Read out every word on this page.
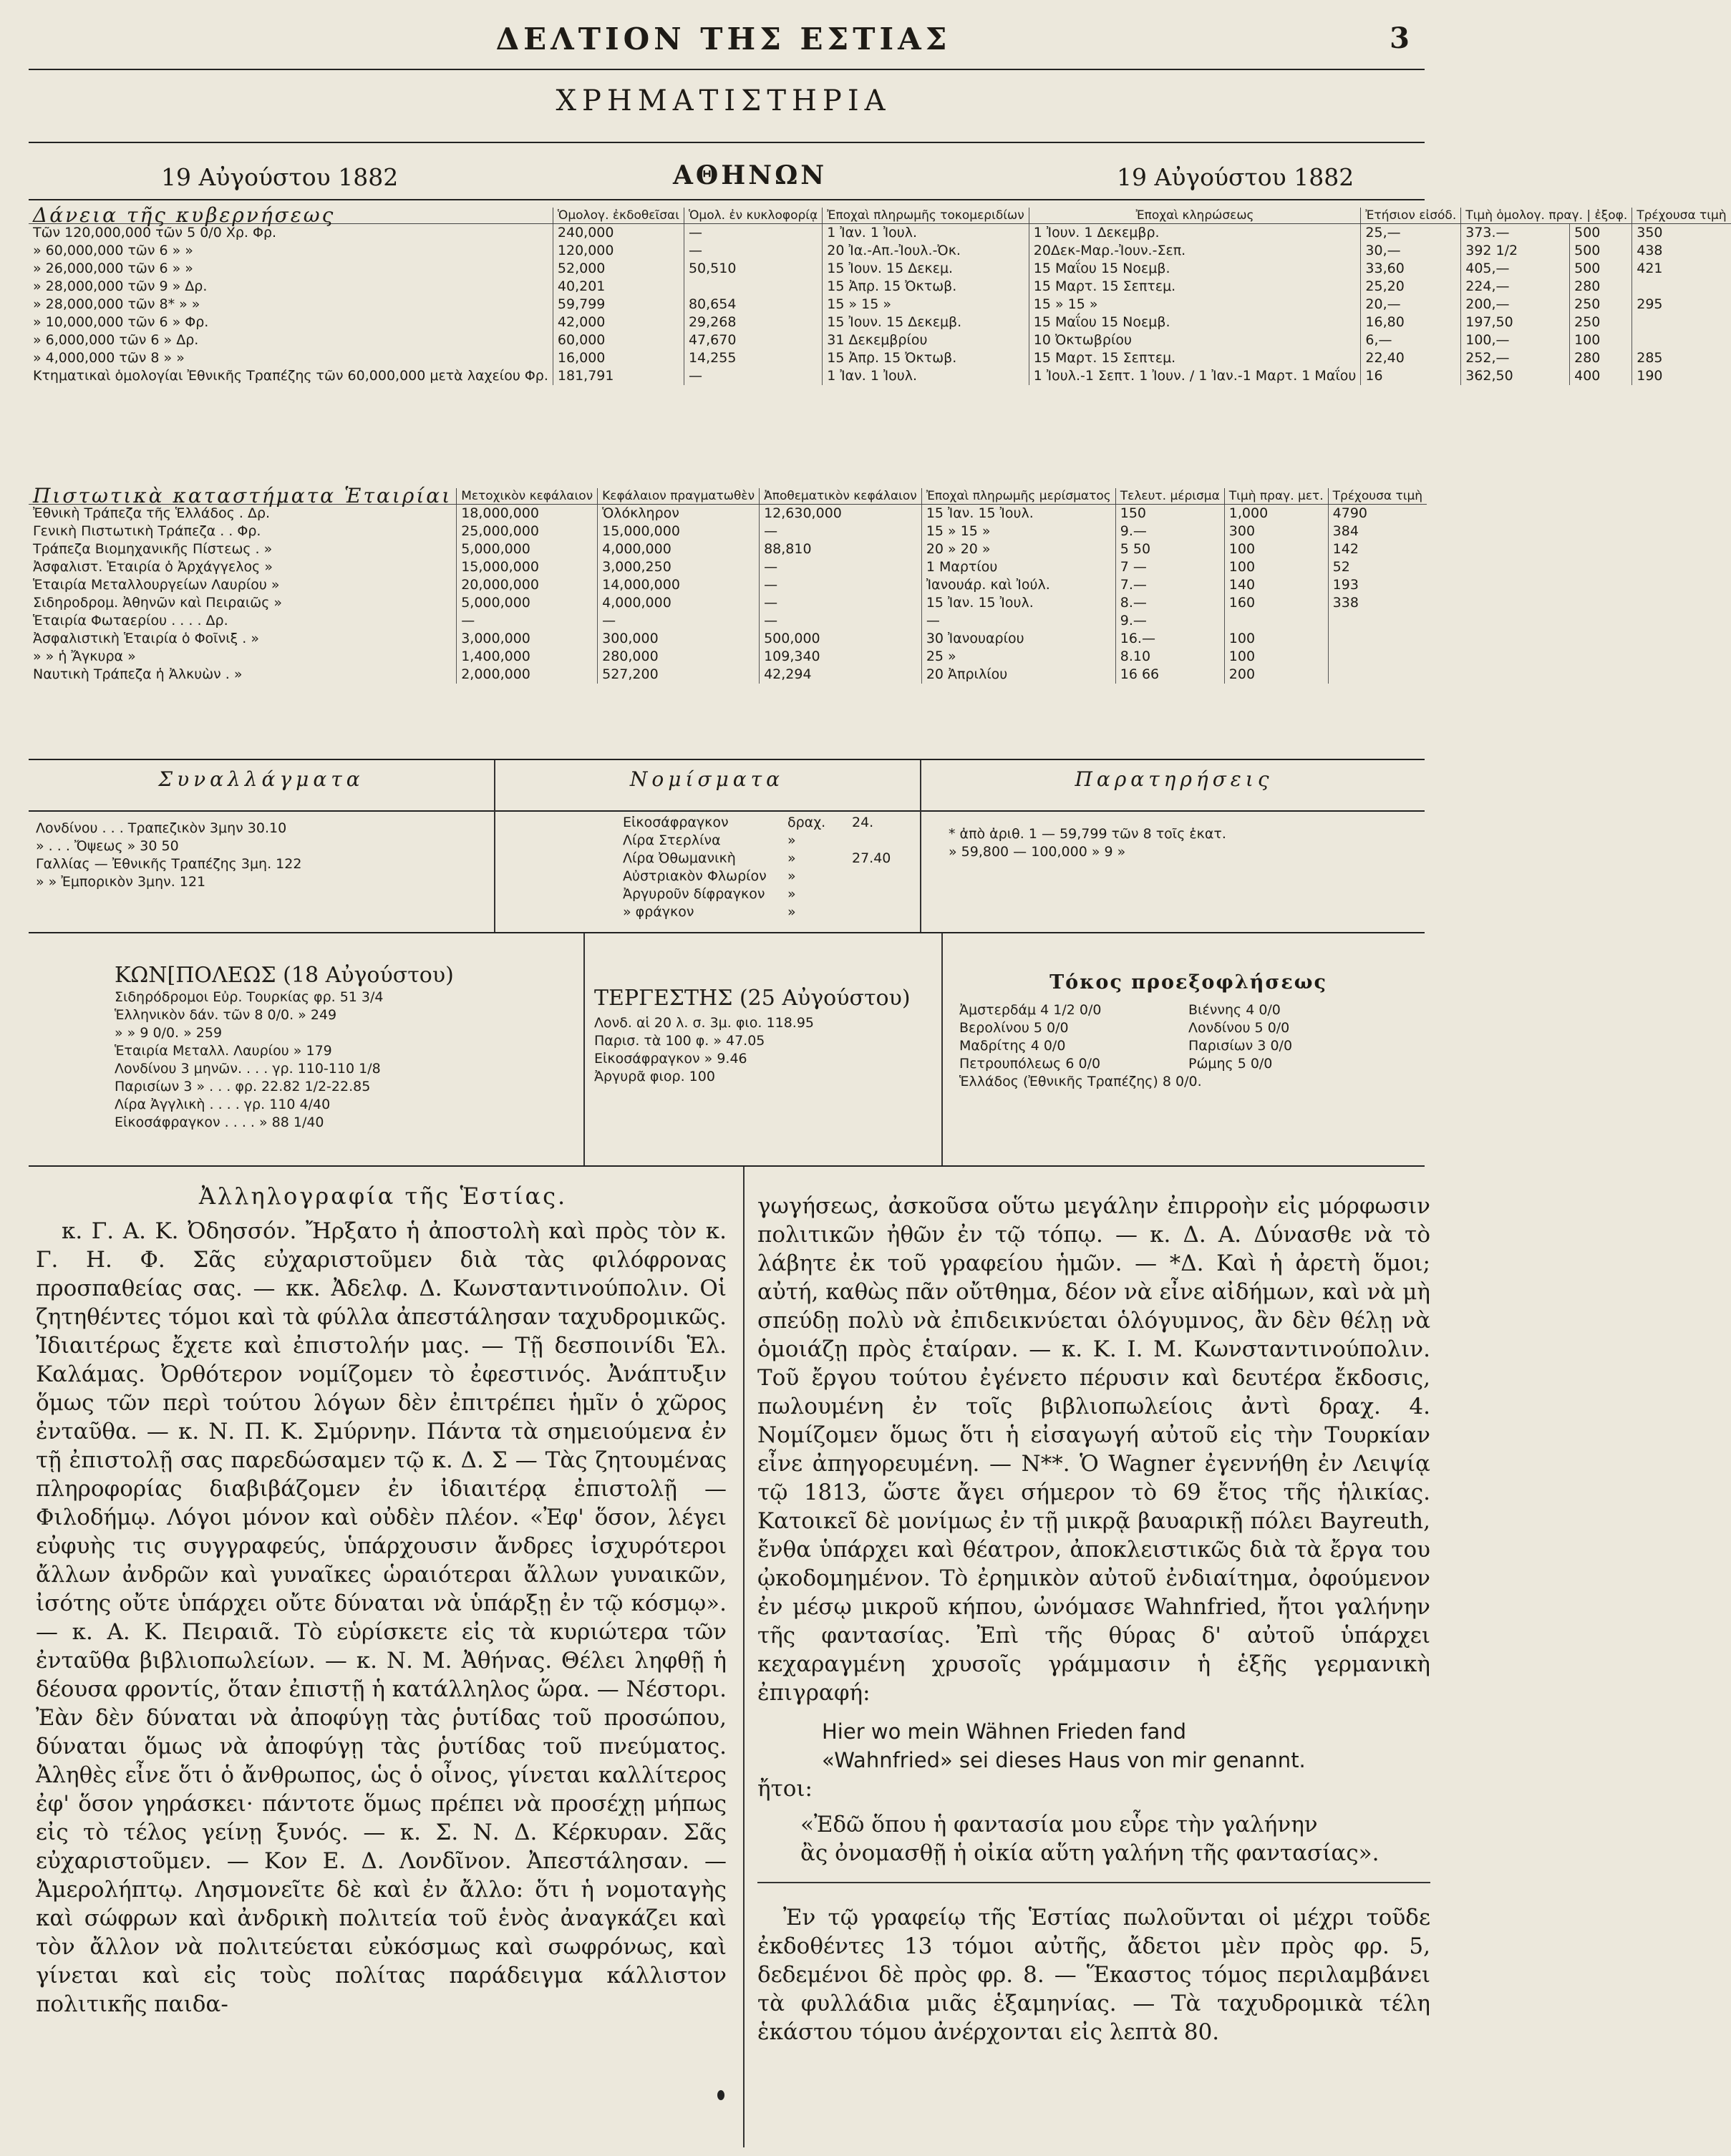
ΔΕΛΤΙΟΝ ΤΗΣ ΕΣΤΙΑΣ	3
ΧΡΗΜΑΤΙΣΤΗΡΙΑ
19 Αὐγούστου 1882	ΑΘΗΝΩΝ	19 Αὐγούστου 1882
Δάνεια τῆς κυβερνήσεως	Ὁμολογ. ἐκδοθεῖσαι	Ὁμολ. ἐν κυκλοφορίᾳ	Ἐποχαὶ πληρωμῆς τοκομεριδίων	Ἐποχαὶ κληρώσεως	Ἐτήσιον εἰσόδ.	Τιμὴ ὁμολογ. πραγ. | ἐξοφ.		Τρέχουσα τιμὴ
Τῶν 120,000,000 τῶν 5 0/0 Χρ. Φρ.	240,000	—	1 Ἰαν. 1 Ἰουλ.	1 Ἰουν. 1 Δεκεμβρ.	25,—	373.—	500	350
» 60,000,000 τῶν 6 » »	120,000	—	20 Ἰα.-Απ.-Ἰουλ.-Ὀκ.	20Δεκ-Μαρ.-Ἰουν.-Σεπ.	30,—	392 1/2	500	438
» 26,000,000 τῶν 6 » »	52,000	50,510	15 Ἰουν. 15 Δεκεμ.	15 Μαΐου 15 Νοεμβ.	33,60	405,—	500	421
» 28,000,000 τῶν 9 » Δρ.	40,201		15 Ἀπρ. 15 Ὀκτωβ.	15 Μαρτ. 15 Σεπτεμ.	25,20	224,—	280	
» 28,000,000 τῶν 8* » »	59,799	80,654	15 » 15 »	15 » 15 »	20,—	200,—	250	295
» 10,000,000 τῶν 6 » Φρ.	42,000	29,268	15 Ἰουν. 15 Δεκεμβ.	15 Μαΐου 15 Νοεμβ.	16,80	197,50	250	
» 6,000,000 τῶν 6 » Δρ.	60,000	47,670	31 Δεκεμβρίου	10 Ὀκτωβρίου	6,—	100,—	100	
» 4,000,000 τῶν 8 » »	16,000	14,255	15 Ἀπρ. 15 Ὀκτωβ.	15 Μαρτ. 15 Σεπτεμ.	22,40	252,—	280	285
Κτηματικαὶ ὁμολογίαι Ἐθνικῆς Τραπέζης τῶν 60,000,000 μετὰ λαχείου Φρ.	181,791	—	1 Ἰαν. 1 Ἰουλ.	1 Ἰουλ.-1 Σεπτ. 1 Ἰουν. / 1 Ἰαν.-1 Μαρτ. 1 Μαΐου	16	362,50	400	190
Πιστωτικὰ καταστήματα Ἑταιρίαι	Μετοχικὸν κεφάλαιον	Κεφάλαιον πραγματωθὲν	Ἀποθεματικὸν κεφάλαιον	Ἐποχαὶ πληρωμῆς μερίσματος	Τελευτ. μέρισμα	Τιμὴ πραγ. μετ.	Τρέχουσα τιμὴ
Ἐθνικὴ Τράπεζα τῆς Ἑλλάδος . Δρ.	18,000,000	Ὁλόκληρον	12,630,000	15 Ἰαν. 15 Ἰουλ.	150	1,000	4790
Γενικὴ Πιστωτικὴ Τράπεζα . . Φρ.	25,000,000	15,000,000	—	15 » 15 »	9.—	300	384
Τράπεζα Βιομηχανικῆς Πίστεως . »	5,000,000	4,000,000	88,810	20 » 20 »	5 50	100	142
Ἀσφαλιστ. Ἑταιρία ὁ Ἀρχάγγελος »	15,000,000	3,000,250	—	1 Μαρτίου	7 —	100	52
Ἑταιρία Μεταλλουργείων Λαυρίου »	20,000,000	14,000,000	—	Ἰανουάρ. καὶ Ἰούλ.	7.—	140	193
Σιδηροδρομ. Ἀθηνῶν καὶ Πειραιῶς »	5,000,000	4,000,000	—	15 Ἰαν. 15 Ἰουλ.	8.—	160	338
Ἑταιρία Φωταερίου . . . . Δρ.	—	—	—	—	9.—		
Ἀσφαλιστικὴ Ἑταιρία ὁ Φοῖνιξ . »	3,000,000	300,000	500,000	30 Ἰανουαρίου	16.—	100	
» » ἡ Ἄγκυρα »	1,400,000	280,000	109,340	25 »	8.10	100	
Ναυτικὴ Τράπεζα ἡ Ἀλκυὼν . »	2,000,000	527,200	42,294	20 Ἀπριλίου	16 66	200	
Συναλλάγματα
Λονδίνου . . . Τραπεζικὸν 3μην 30.10
» . . . Ὄψεως » 30 50
Γαλλίας — Ἐθνικῆς Τραπέζης 3μη. 122
» » Ἐμπορικὸν 3μην. 121
Νομίσματα
Εἰκοσάφραγκον	δραχ.	24.
Λίρα Στερλίνα	»
Λίρα Ὀθωμανικὴ	»	27.40
Αὐστριακὸν Φλωρίον	»
Ἀργυροῦν δίφραγκον	»
» φράγκον	»
Παρατηρήσεις
* ἀπὸ ἀριθ. 1 — 59,799 τῶν 8 τοῖς ἑκατ.
» 59,800 — 100,000 » 9 »
ΚΩΝ[ΠΟΛΕΩΣ (18 Αὐγούστου)
Σιδηρόδρομοι Εὐρ. Τουρκίας φρ. 51 3/4
Ἑλληνικὸν δάν. τῶν 8 0/0. » 249
» » 9 0/0. » 259
Ἑταιρία Μεταλλ. Λαυρίου » 179
Λονδίνου 3 μηνῶν. . . . γρ. 110-110 1/8
Παρισίων 3 » . . . φρ. 22.82 1/2-22.85
Λίρα Ἀγγλικὴ . . . . γρ. 110 4/40
Εἰκοσάφραγκον . . . . » 88 1/40
ΤΕΡΓΕΣΤΗΣ (25 Αὐγούστου)
Λονδ. αἱ 20 λ. σ. 3μ. φιο. 118.95
Παρισ. τὰ 100 φ. » 47.05
Εἰκοσάφραγκον » 9.46
Ἀργυρᾶ φιορ. 100
Τόκος προεξοφλήσεως
Ἀμστερδάμ 4 1/2 0/0	Βιέννης 4 0/0
Βερολίνου 5 0/0	Λονδίνου 5 0/0
Μαδρίτης 4 0/0	Παρισίων 3 0/0
Πετρουπόλεως 6 0/0	Ρώμης 5 0/0
Ἑλλάδος (Ἐθνικῆς Τραπέζης) 8 0/0.
Ἀλληλογραφία τῆς Ἑστίας.

κ. Γ. Α. Κ. Ὀδησσόν. Ἤρξατο ἡ ἀποστολὴ καὶ πρὸς τὸν κ. Γ. Η. Φ. Σᾶς εὐχαριστοῦμεν διὰ τὰς φιλόφρονας προσπαθείας σας. — κκ. Ἀδελφ. Δ. Κωνσταντινούπολιν. Οἱ ζητηθέντες τόμοι καὶ τὰ φύλλα ἀπεστάλησαν ταχυδρομικῶς. Ἰδιαιτέρως ἔχετε καὶ ἐπιστολήν μας. — Τῇ δεσποινίδι Ἑλ. Καλάμας. Ὀρθότερον νομίζομεν τὸ ἐφεστινός. Ἀνάπτυξιν ὅμως τῶν περὶ τούτου λόγων δὲν ἐπιτρέπει ἡμῖν ὁ χῶρος ἐνταῦθα. — κ. Ν. Π. Κ. Σμύρνην. Πάντα τὰ σημειούμενα ἐν τῇ ἐπιστολῇ σας παρεδώσαμεν τῷ κ. Δ. Σ — Τὰς ζητουμένας πληροφορίας διαβιβάζομεν ἐν ἰδιαιτέρᾳ ἐπιστολῇ — Φιλοδήμῳ. Λόγοι μόνον καὶ οὐδὲν πλέον. «Ἐφ' ὅσον, λέγει εὐφυὴς τις συγγραφεύς, ὑπάρχουσιν ἄνδρες ἰσχυρότεροι ἄλλων ἀνδρῶν καὶ γυναῖκες ὡραιότεραι ἄλλων γυναικῶν, ἰσότης οὔτε ὑπάρχει οὔτε δύναται νὰ ὑπάρξῃ ἐν τῷ κόσμῳ». — κ. Α. Κ. Πειραιᾶ. Τὸ εὑρίσκετε εἰς τὰ κυριώτερα τῶν ἐνταῦθα βιβλιοπωλείων. — κ. Ν. Μ. Ἀθήνας. Θέλει ληφθῇ ἡ δέουσα φροντίς, ὅταν ἐπιστῇ ἡ κατάλληλος ὥρα. — Νέστορι. Ἐὰν δὲν δύναται νὰ ἀποφύγῃ τὰς ῥυτίδας τοῦ προσώπου, δύναται ὅμως νὰ ἀποφύγῃ τὰς ῥυτίδας τοῦ πνεύματος. Ἀληθὲς εἶνε ὅτι ὁ ἄνθρωπος, ὡς ὁ οἶνος, γίνεται καλλίτερος ἐφ' ὅσον γηράσκει· πάντοτε ὅμως πρέπει νὰ προσέχῃ μήπως εἰς τὸ τέλος γείνῃ ξυνός. — κ. Σ. Ν. Δ. Κέρκυραν. Σᾶς εὐχαριστοῦμεν. — Κον Ε. Δ. Λονδῖνον. Ἀπεστάλησαν. — Ἀμερολήπτῳ. Λησμονεῖτε δὲ καὶ ἐν ἄλλο: ὅτι ἡ νομοταγὴς καὶ σώφρων καὶ ἀνδρικὴ πολιτεία τοῦ ἑνὸς ἀναγκάζει καὶ τὸν ἄλλον νὰ πολιτεύεται εὐκόσμως καὶ σωφρόνως, καὶ γίνεται καὶ εἰς τοὺς πολίτας παράδειγμα κάλλιστον πολιτικῆς παιδα-

γωγήσεως, ἀσκοῦσα οὕτω μεγάλην ἐπιρροὴν εἰς μόρφωσιν πολιτικῶν ἠθῶν ἐν τῷ τόπῳ. — κ. Δ. Α. Δύνασθε νὰ τὸ λάβητε ἐκ τοῦ γραφείου ἡμῶν. — *Δ. Καὶ ἡ ἀρετὴ ὅμοι; αὐτή, καθὼς πᾶν οὔτθημα, δέον νὰ εἶνε αἰδήμων, καὶ νὰ μὴ σπεύδῃ πολὺ νὰ ἐπιδεικνύεται ὁλόγυμνος, ἂν δὲν θέλῃ νὰ ὁμοιάζῃ πρὸς ἑταίραν. — κ. Κ. Ι. Μ. Κωνσταντινούπολιν. Τοῦ ἔργου τούτου ἐγένετο πέρυσιν καὶ δευτέρα ἔκδοσις, πωλουμένη ἐν τοῖς βιβλιοπωλείοις ἀντὶ δραχ. 4. Νομίζομεν ὅμως ὅτι ἡ εἰσαγωγή αὐτοῦ εἰς τὴν Τουρκίαν εἶνε ἀπηγορευμένη. — Ν**. Ὁ Wagner ἐγεννήθη ἐν Λειψίᾳ τῷ 1813, ὥστε ἄγει σήμερον τὸ 69 ἔτος τῆς ἡλικίας. Κατοικεῖ δὲ μονίμως ἐν τῇ μικρᾷ βαυαρικῇ πόλει Bayreuth, ἔνθα ὑπάρχει καὶ θέατρον, ἀποκλειστικῶς διὰ τὰ ἔργα του ᾠκοδομημένον. Τὸ ἐρημικὸν αὐτοῦ ἐνδιαίτημα, ὀφούμενον ἐν μέσῳ μικροῦ κήπου, ὠνόμασε Wahnfried, ἤτοι γαλήνην τῆς φαντασίας. Ἐπὶ τῆς θύρας δ' αὐτοῦ ὑπάρχει κεχαραγμένη χρυσοῖς γράμμασιν ἡ ἑξῆς γερμανικὴ ἐπιγραφή:

Hier wo mein Wähnen Frieden fand
«Wahnfried» sei dieses Haus von mir genannt.
ἤτοι:
«Ἐδῶ ὅπου ἡ φαντασία μου εὗρε τὴν γαλήνην
ἂς ὀνομασθῇ ἡ οἰκία αὕτη γαλήνη τῆς φαντασίας».

Ἐν τῷ γραφείῳ τῆς Ἑστίας πωλοῦνται οἱ μέχρι τοῦδε ἐκδοθέντες 13 τόμοι αὐτῆς, ἄδετοι μὲν πρὸς φρ. 5, δεδεμένοι δὲ πρὸς φρ. 8. — Ἕκαστος τόμος περιλαμβάνει τὰ φυλλάδια μιᾶς ἑξαμηνίας. — Τὰ ταχυδρομικὰ τέλη ἑκάστου τόμου ἀνέρχονται εἰς λεπτὰ 80.
